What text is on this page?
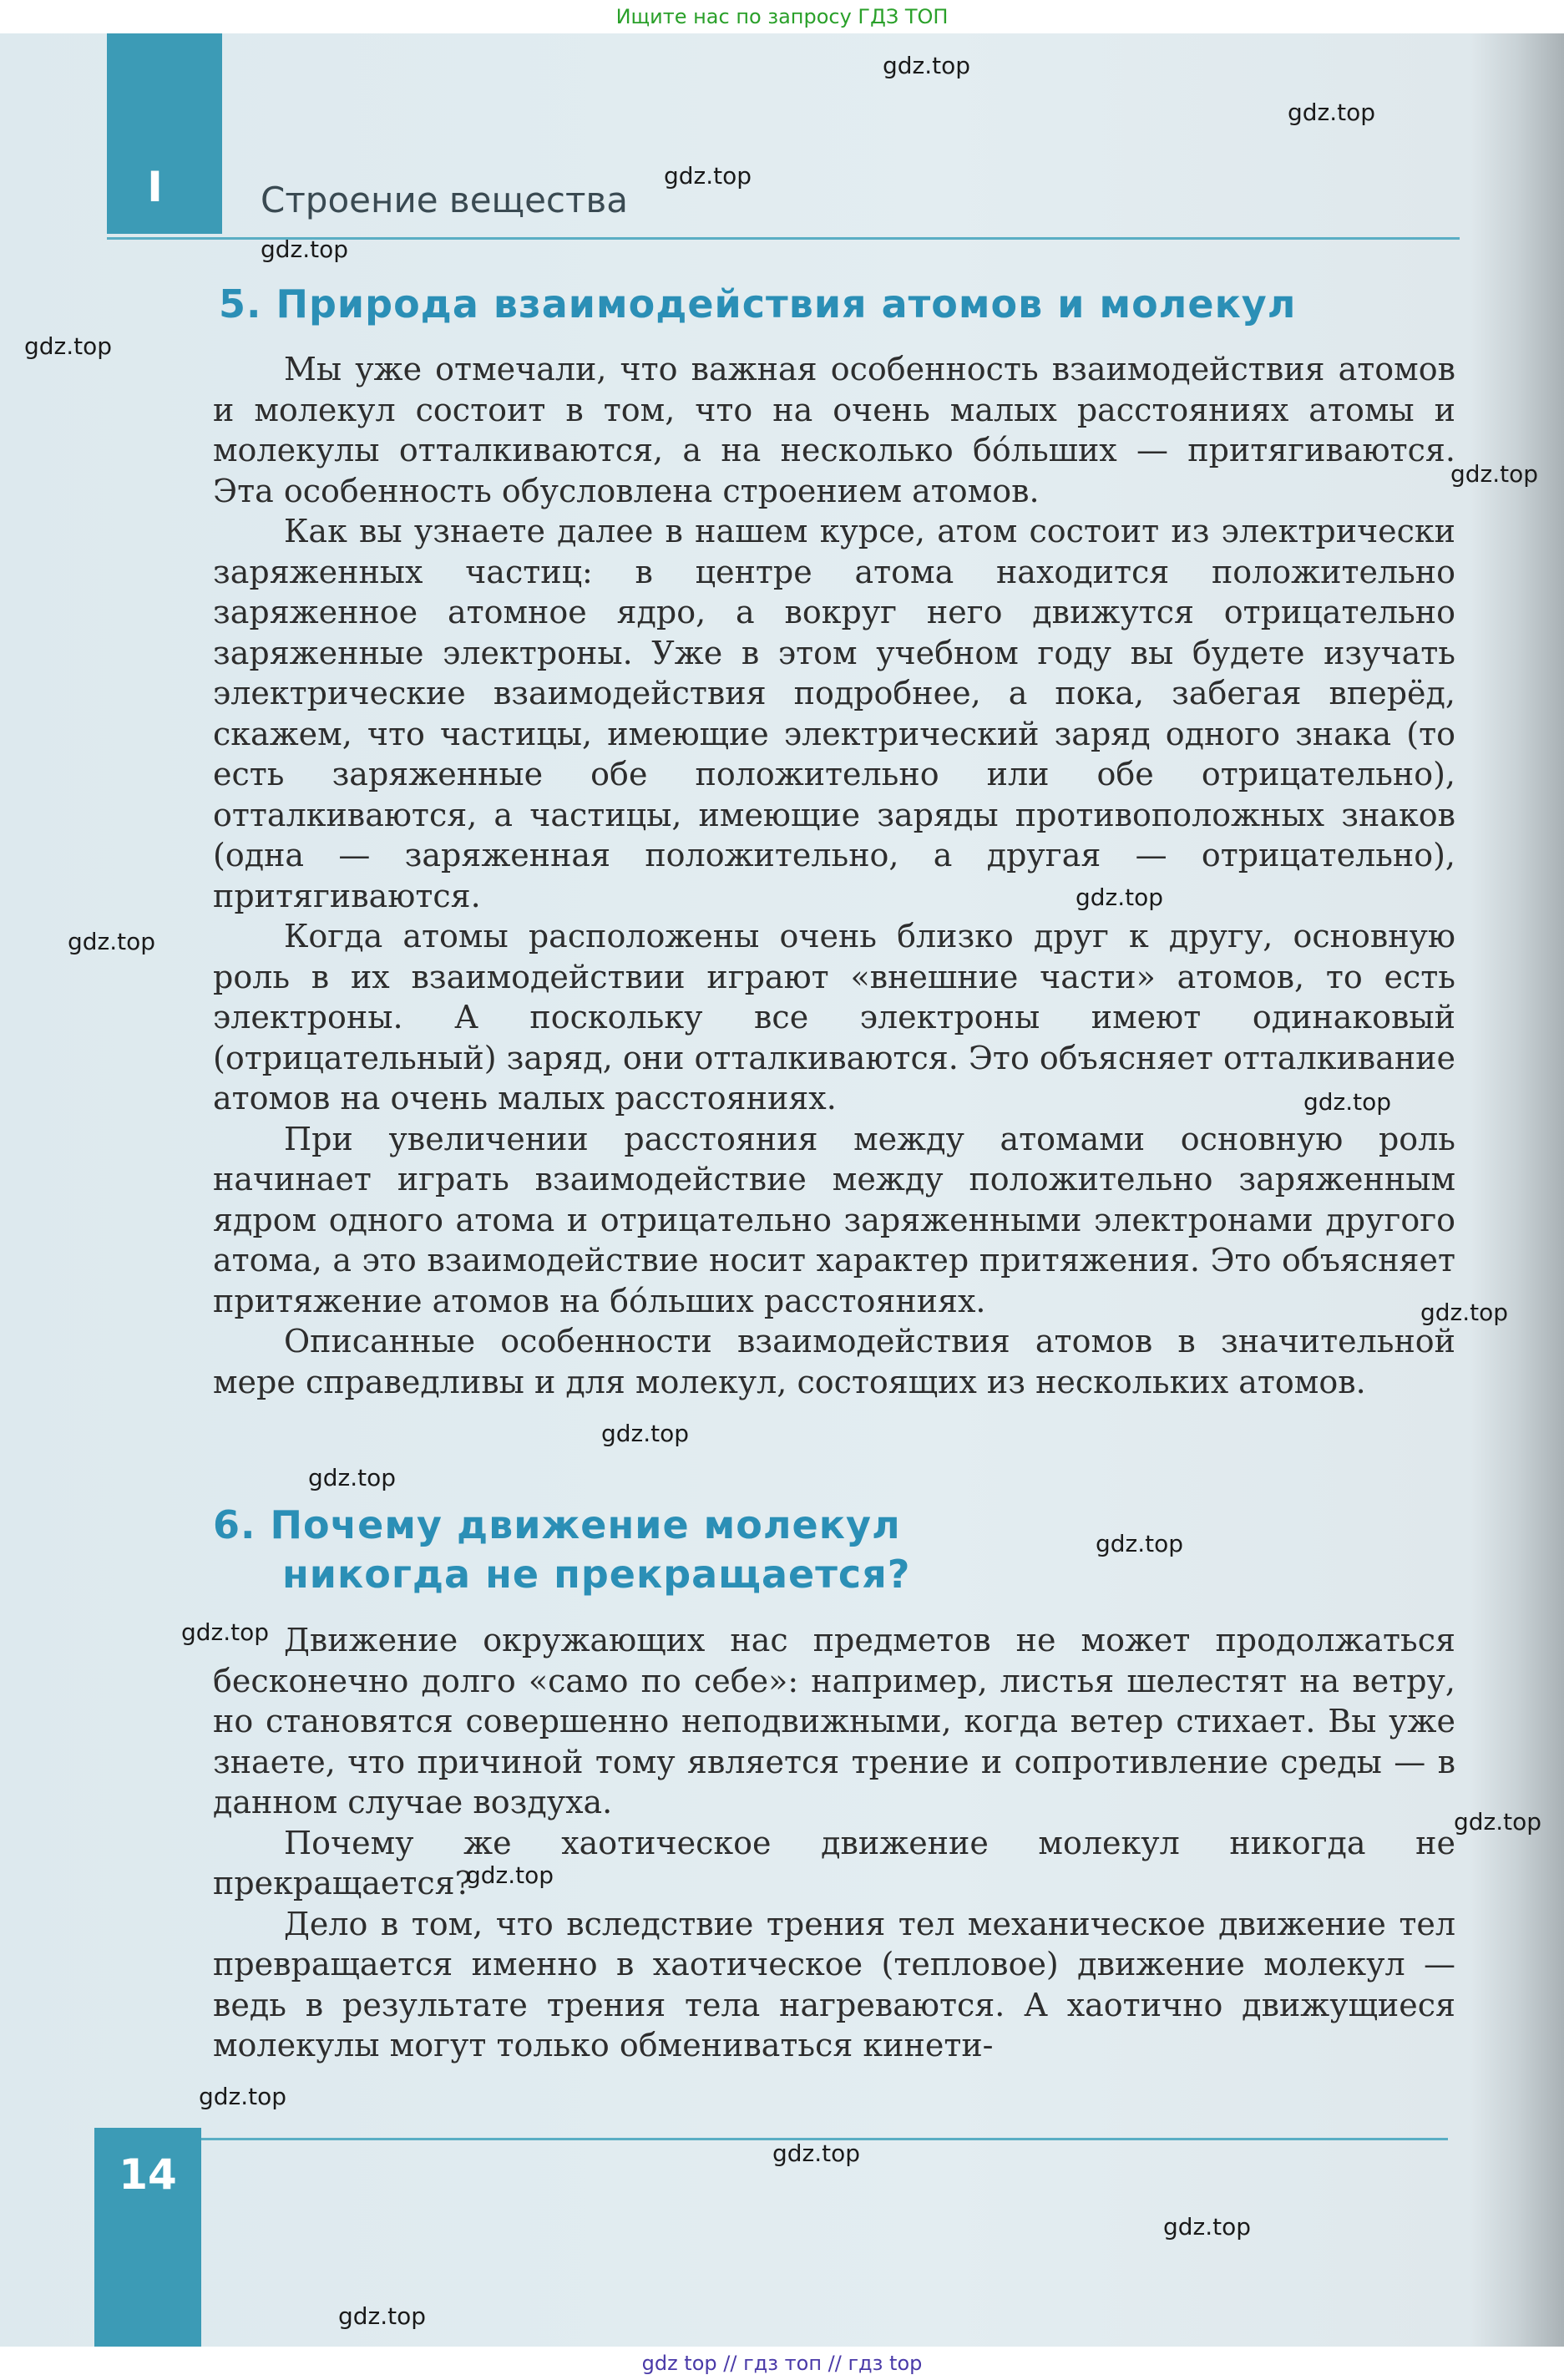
Ищите нас по запросу ГДЗ ТОП
I	Строение вещества
5. Природа взаимодействия атомов и молекул

Мы уже отмечали, что важная особенность взаимодействия атомов и молекул состоит в том, что на очень малых расстояниях атомы и молекулы отталкиваются, а на несколько бо́льших — притягиваются. Эта особенность обусловлена строением атомов.

Как вы узнаете далее в нашем курсе, атом состоит из электрически заряженных частиц: в центре атома находится положительно заряженное атомное ядро, а вокруг него движутся отрицательно заряженные электроны. Уже в этом учебном году вы будете изучать электрические взаимодействия подробнее, а пока, забегая вперёд, скажем, что частицы, имеющие электрический заряд одного знака (то есть заряженные обе положительно или обе отрицательно), отталкиваются, а частицы, имеющие заряды противоположных знаков (одна — заряженная положительно, а другая — отрицательно), притягиваются.

Когда атомы расположены очень близко друг к другу, основную роль в их взаимодействии играют «внешние части» атомов, то есть электроны. А поскольку все электроны имеют одинаковый (отрицательный) заряд, они отталкиваются. Это объясняет отталкивание атомов на очень малых расстояниях.

При увеличении расстояния между атомами основную роль начинает играть взаимодействие между положительно заряженным ядром одного атома и отрицательно заряженными электронами другого атома, а это взаимодействие носит характер притяжения. Это объясняет притяжение атомов на бо́льших расстояниях.

Описанные особенности взаимодействия атомов в значительной мере справедливы и для молекул, состоящих из нескольких атомов.

6. Почему движение молекул
никогда не прекращается?

Движение окружающих нас предметов не может продолжаться бесконечно долго «само по себе»: например, листья шелестят на ветру, но становятся совершенно неподвижными, когда ветер стихает. Вы уже знаете, что причиной тому является трение и сопротивление среды — в данном случае воздуха.

Почему же хаотическое движение молекул никогда не прекращается?

Дело в том, что вследствие трения тел механическое движение тел превращается именно в хаотическое (тепловое) движение молекул — ведь в результате трения тела нагреваются. А хаотично движущиеся молекулы могут только обмениваться кинети-

14
gdz top // гдз топ // гдз top
gdz.top
gdz.top
gdz.top
gdz.top
gdz.top
gdz.top
gdz.top
gdz.top
gdz.top
gdz.top
gdz.top
gdz.top
gdz.top
gdz.top
gdz.top
gdz.top
gdz.top
gdz.top
gdz.top
gdz.top
